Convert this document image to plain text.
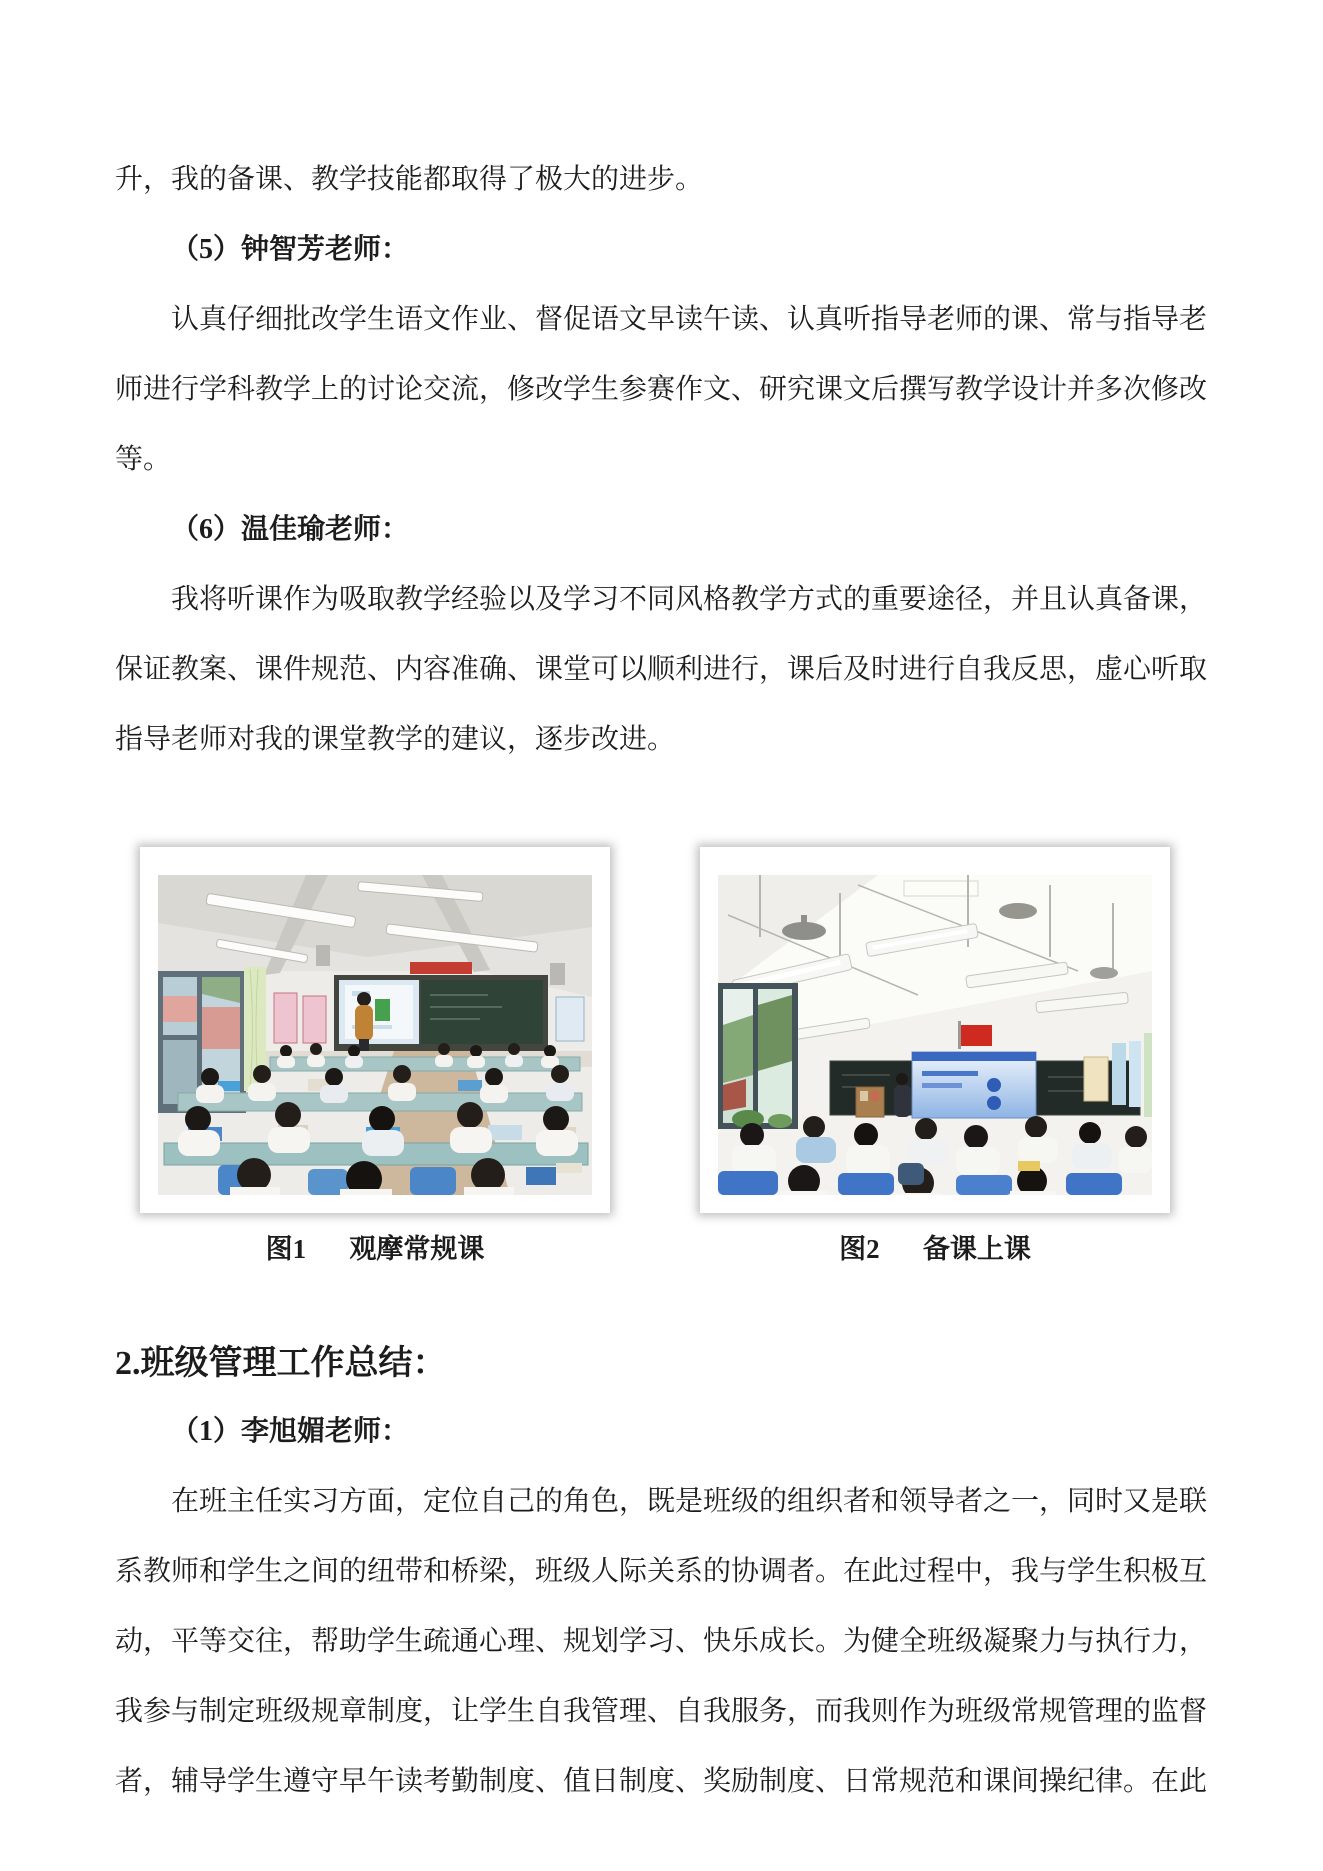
升，我的备课、教学技能都取得了极大的进步。

（5）钟智芳老师：

认真仔细批改学生语文作业、督促语文早读午读、认真听指导老师的课、常与指导老师进行学科教学上的讨论交流，修改学生参赛作文、研究课文后撰写教学设计并多次修改等。

（6）温佳瑜老师：

我将听课作为吸取教学经验以及学习不同风格教学方式的重要途径，并且认真备课，保证教案、课件规范、内容准确、课堂可以顺利进行，课后及时进行自我反思，虚心听取指导老师对我的课堂教学的建议，逐步改进。

图1 观摩常规课	图2 备课上课
2.班级管理工作总结：

（1）李旭媚老师：

在班主任实习方面，定位自己的角色，既是班级的组织者和领导者之一，同时又是联系教师和学生之间的纽带和桥梁，班级人际关系的协调者。在此过程中，我与学生积极互动，平等交往，帮助学生疏通心理、规划学习、快乐成长。为健全班级凝聚力与执行力，我参与制定班级规章制度，让学生自我管理、自我服务，而我则作为班级常规管理的监督者，辅导学生遵守早午读考勤制度、值日制度、奖励制度、日常规范和课间操纪律。在此
